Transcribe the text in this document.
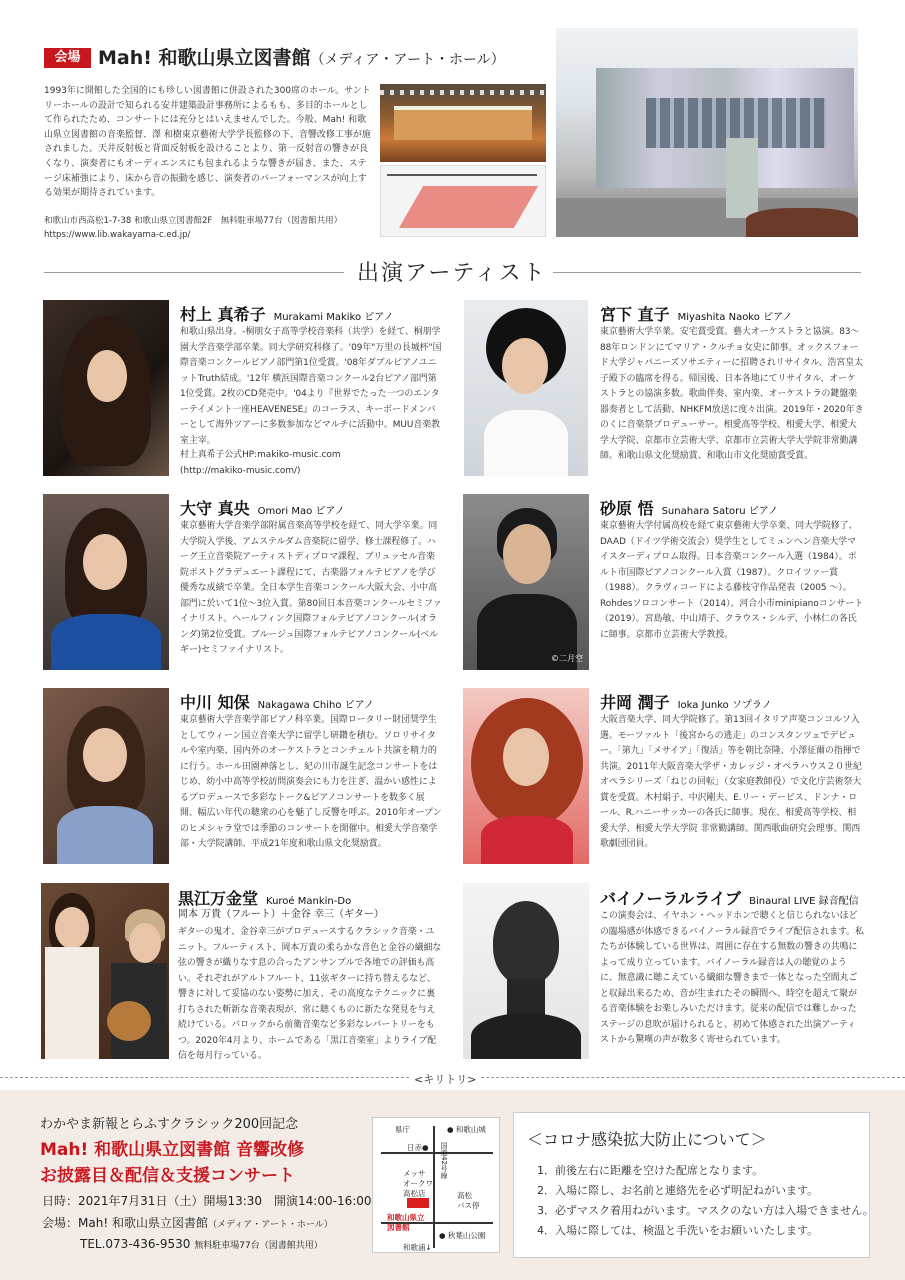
会場 Mah! 和歌山県立図書館（メディア・アート・ホール）
1993年に開館した全国的にも珍しい図書館に併設された300席のホール。サントリーホールの設計で知られる安井建築設計事務所によるもも、多目的ホールとして作られたため、コンサートには充分とはいえませんでした。今般、Mah! 和歌山県立図書館の音楽監督、澤 和樹東京藝術大学学長監修の下、音響改修工事が施されました。天井反射板と背面反射板を設けることより、第一反射音の響きが良くなり、演奏者にもオーディエンスにも包まれるような響きが届き、また、ステージ床補強により、床から音の振動を感じ、演奏者のパーフォーマンスが向上する効果が期待されています。
和歌山市西高松1-7-38 和歌山県立図書館2F　無料駐車場77台（図書館共用）
https://www.lib.wakayama-c.ed.jp/
出演アーティスト
村上 真希子 Murakami Makiko ピアノ
和歌山県出身。-桐朋女子高等学校音楽科（共学）を経て、桐朋学園大学音楽学部卒業。同大学研究科修了。'09年"万里の長城杯"国際音楽コンクールピアノ部門第1位受賞。'08年ダブルピアノユニットTruth結成。'12年 横浜国際音楽コンクール2台ピアノ部門第1位受賞。2枚のCD発売中。'04より『世界でたった一つのエンターテイメント一座HEAVENESE』のコーラス、キーボードメンバーとして海外ツアーに多数参加などマルチに活動中。MUU音楽教室主宰。
村上真希子公式HP:makiko-music.com
(http://makiko-music.com/)
宮下 直子 Miyashita Naoko ピアノ
東京藝術大学卒業。安宅賞受賞。藝大オーケストラと協演。83〜88年ロンドンにてマリア・クルチョ女史に師事。オックスフォード大学ジャパニーズソサエティーに招聘されリサイタル、浩宮皇太子殿下の臨席を得る。帰国後、日本各地にてリサイタル、オーケストラとの協演多数。歌曲伴奏、室内楽、オーケストラの鍵盤楽器奏者として活動、NHKFM放送に度々出演。2019年・2020年きのくに音楽祭プロデューサー。相愛高等学校、相愛大学、相愛大学大学院、京都市立芸術大学、京都市立芸術大学大学院非常勤講師。和歌山県文化奨励賞、和歌山市文化奨励賞受賞。
大守 真央 Omori Mao ピアノ
東京藝術大学音楽学部附属音楽高等学校を経て、同大学卒業。同大学院入学後、アムステルダム音楽院に留学、修士課程修了。ハーグ王立音楽院アーティストディプロマ課程、ブリュッセル音楽院ポストグラデュエート課程にて、古楽器フォルテピアノを学び優秀な成績で卒業。全日本学生音楽コンクール大阪大会、小中高部門に於いて1位〜3位入賞。第80回日本音楽コンクールセミファイナリスト。ヘールフィンク国際フォルテピアノコンクール(オランダ)第2位受賞。ブルージュ国際フォルテピアノコンクール(ベルギー)セミファイナリスト。
©二月空
砂原 悟 Sunahara Satoru ピアノ
東京藝術大学付属高校を経て東京藝術大学卒業、同大学院修了、DAAD（ドイツ学術交流会）奨学生としてミュンヘン音楽大学マイスターディプロム取得。日本音楽コンクール入選（1984）。ポルト市国際ピアノコンクール入賞（1987）。クロイツァー賞（1988）。クラヴィコードによる藤枝守作品発表（2005 〜）。Rohdesソロコンサート（2014）。河合小市minipianoコンサート（2019）。宮島敏、中山靖子、クラウス・シルデ、小林仁の各氏に師事。京都市立芸術大学教授。
中川 知保 Nakagawa Chiho ピアノ
東京藝術大学音楽学部ピアノ科卒業。国際ロータリー財団奨学生としてウィーン国立音楽大学に留学し研鑽を積む。ソロリサイタルや室内楽、国内外のオーケストラとコンチェルト共演を精力的に行う。ホール田園神落とし、紀の川市誕生記念コンサートをはじめ、幼小中高等学校訪問演奏会にも力を注ぎ、温かい感性によるプロデュースで多彩なトーク&ピアノコンサートを数多く展開、幅広い年代の聴衆の心を魅了し反響を呼ぶ。2010年オープンのヒメシャラ堂では季節のコンサートを開催中。相愛大学音楽学部・大学院講師。平成21年度和歌山県文化奨励賞。
井岡 潤子 Ioka Junko ソプラノ
大阪音楽大学、同大学院修了。第13回イタリア声楽コンコルソ入選。モーツァルト「後宮からの逃走」のコンスタンツェでデビュー。「第九」「メサイア」「復活」等を朝比奈隆、小澤征爾の指揮で共演。2011年大阪音楽大学ザ・カレッジ・オペラハウス２０世紀オペラシリーズ「ねじの回転」（女家庭教師役）で文化庁芸術祭大賞を受賞。木村絹子、中沢剛夫、E.リー・デービス、ドンナ・ロール、R.ハニーサッカーの各氏に師事。現在、相愛高等学校、相愛大学、相愛大学大学院 非常勤講師。関西歌曲研究会理事。関西歌劇団団員。
黒江万金堂 Kuroé Mankin-Do
岡本 万貴（フルート）＋金谷 幸三（ギター）
ギターの鬼才、金谷幸三がプロデュースするクラシック音楽・ユニット。フルーティスト、岡本万貴の柔らかな音色と金谷の繊細な弦の響きが織りなす息の合ったアンサンブルで各地での評価も高い。それぞれがアルトフルート、11弦ギターに持ち替えるなど、響きに対して妥協のない姿勢に加え、その高度なテクニックに裏打ちされた斬新な音楽表現が、常に聴くものに新たな発見を与え続けている。バロックから前衛音楽など多彩なレパートリーをもつ。2020年4月より、ホームである「黒江音楽室」よりライブ配信を毎月行っている。
バイノーラルライブ Binaural LIVE 録音配信
この演奏会は、イヤホン・ヘッドホンで聴くと信じられないほどの臨場感が体感できるバイノーラル録音でライブ配信されます。私たちが体験している世界は、周囲に存在する無数の響きの共鳴によって成り立っています。バイノーラル録音は人の聴覚のように、無意識に聴こえている繊細な響きまで一体となった空間丸ごと収録出来るため、音が生まれたその瞬間へ、時空を超えて聚がる音楽体験をお楽しみいただけます。従来の配信では難しかったステージの息吹が届けられると、初めて体感された出演アーティストから驚嘆の声が数多く寄せられています。
<キリトリ>
わかやま新報とらふすクラシック200回記念
Mah! 和歌山県立図書館 音響改修
お披露目＆配信＆支援コンサート
日時：2021年7月31日（土）開場13:30　開演14:00-16:00
会場：Mah! 和歌山県立図書館（メディア・アート・ホール）
TEL.073-436-9530 無料駐車場77台（図書館共用）
県庁	● 和歌山城
日赤● 国道42号線
メッサ
オークワ
高松店	高松
バス停
和歌山県立
図書館
● 秋葉山公園
和歌浦↓
＜コロナ感染拡大防止について＞
1．前後左右に距離を空けた配席となります。
2．入場に際し、お名前と連絡先を必ず明記ねがいます。
3．必ずマスク着用ねがいます。マスクのない方は入場できません。
4．入場に際しては、検温と手洗いをお願いいたします。
